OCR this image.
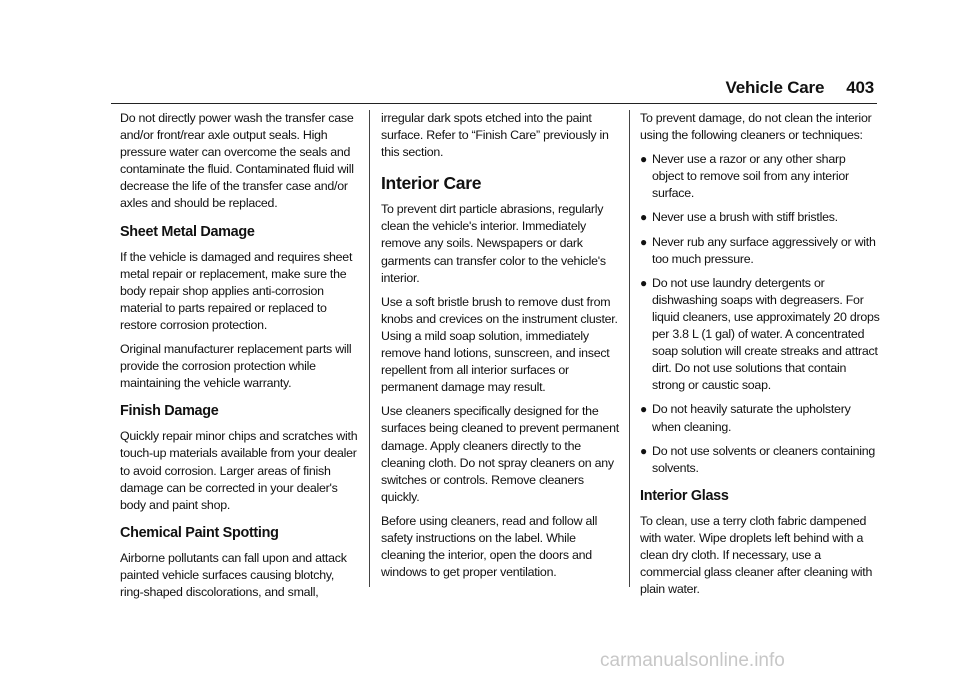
Vehicle Care 403

Do not directly power wash the transfer case and/or front/rear axle output seals. High pressure water can overcome the seals and contaminate the fluid. Contaminated fluid will decrease the life of the transfer case and/or axles and should be replaced.

Sheet Metal Damage

If the vehicle is damaged and requires sheet metal repair or replacement, make sure the body repair shop applies anti-corrosion material to parts repaired or replaced to restore corrosion protection.

Original manufacturer replacement parts will provide the corrosion protection while maintaining the vehicle warranty.

Finish Damage

Quickly repair minor chips and scratches with touch-up materials available from your dealer to avoid corrosion. Larger areas of finish damage can be corrected in your dealer's body and paint shop.

Chemical Paint Spotting

Airborne pollutants can fall upon and attack painted vehicle surfaces causing blotchy, ring-shaped discolorations, and small,

irregular dark spots etched into the paint surface. Refer to “Finish Care” previously in this section.

Interior Care

To prevent dirt particle abrasions, regularly clean the vehicle's interior. Immediately remove any soils. Newspapers or dark garments can transfer color to the vehicle's interior.

Use a soft bristle brush to remove dust from knobs and crevices on the instrument cluster. Using a mild soap solution, immediately remove hand lotions, sunscreen, and insect repellent from all interior surfaces or permanent damage may result.

Use cleaners specifically designed for the surfaces being cleaned to prevent permanent damage. Apply cleaners directly to the cleaning cloth. Do not spray cleaners on any switches or controls. Remove cleaners quickly.

Before using cleaners, read and follow all safety instructions on the label. While cleaning the interior, open the doors and windows to get proper ventilation.

To prevent damage, do not clean the interior using the following cleaners or techniques:

● Never use a razor or any other sharp object to remove soil from any interior surface.
● Never use a brush with stiff bristles.
● Never rub any surface aggressively or with too much pressure.
● Do not use laundry detergents or dishwashing soaps with degreasers. For liquid cleaners, use approximately 20 drops per 3.8 L (1 gal) of water. A concentrated soap solution will create streaks and attract dirt. Do not use solutions that contain strong or caustic soap.
● Do not heavily saturate the upholstery when cleaning.
● Do not use solvents or cleaners containing solvents.
Interior Glass

To clean, use a terry cloth fabric dampened with water. Wipe droplets left behind with a clean dry cloth. If necessary, use a commercial glass cleaner after cleaning with plain water.

carmanualsonline.info
